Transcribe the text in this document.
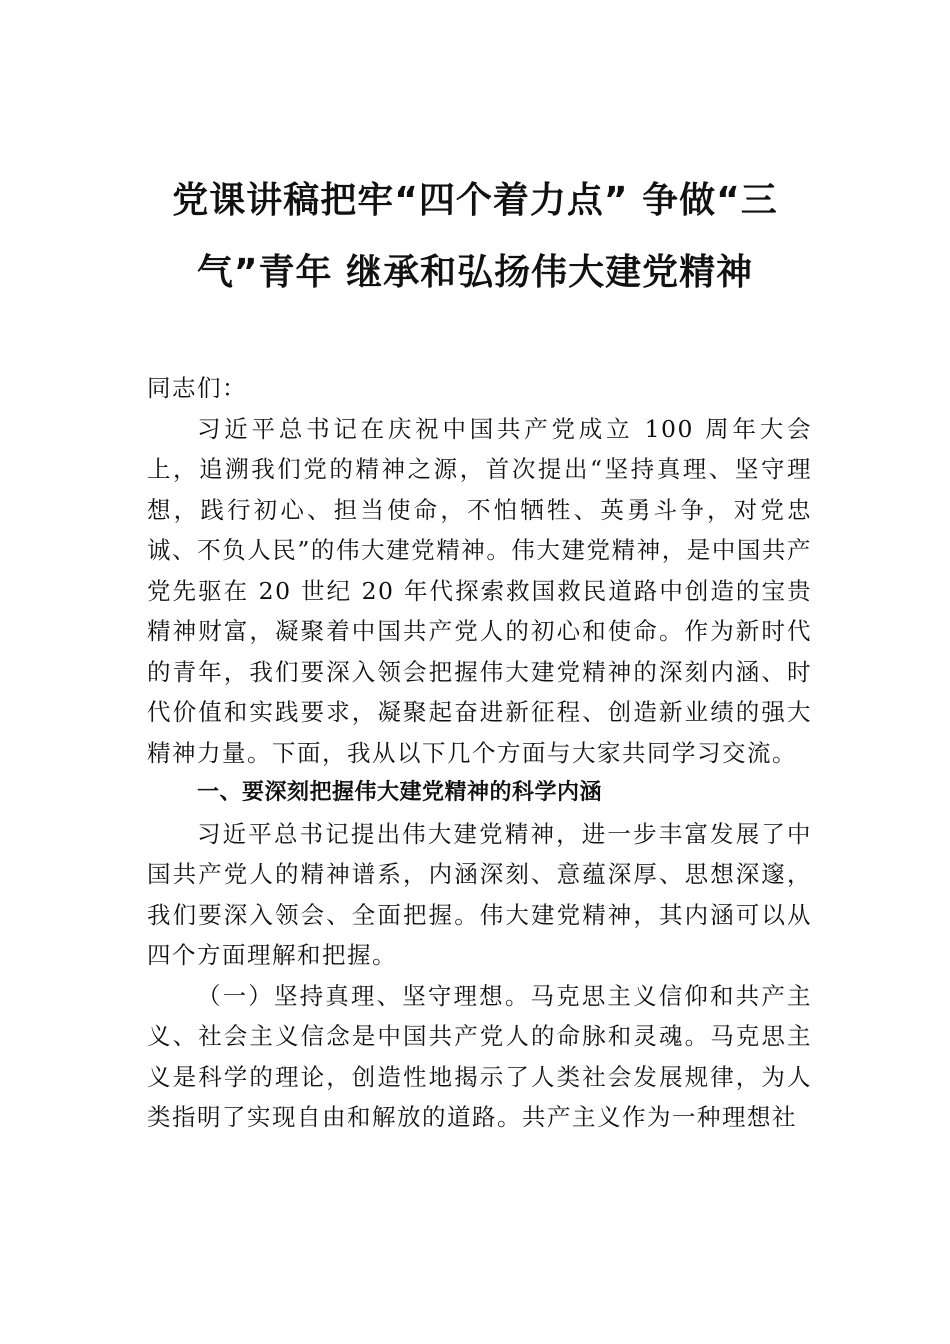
党课讲稿把牢“四个着力点” 争做“三
气”青年 继承和弘扬伟大建党精神

同志们：

习近平总书记在庆祝中国共产党成立 100 周年大会上，追溯我们党的精神之源，首次提出“坚持真理、坚守理想，践行初心、担当使命，不怕牺牲、英勇斗争，对党忠诚、不负人民”的伟大建党精神。伟大建党精神，是中国共产党先驱在 20 世纪 20 年代探索救国救民道路中创造的宝贵精神财富，凝聚着中国共产党人的初心和使命。作为新时代的青年，我们要深入领会把握伟大建党精神的深刻内涵、时代价值和实践要求，凝聚起奋进新征程、创造新业绩的强大精神力量。下面，我从以下几个方面与大家共同学习交流。

一、要深刻把握伟大建党精神的科学内涵

习近平总书记提出伟大建党精神，进一步丰富发展了中国共产党人的精神谱系，内涵深刻、意蕴深厚、思想深邃，我们要深入领会、全面把握。伟大建党精神，其内涵可以从四个方面理解和把握。

（一）坚持真理、坚守理想。马克思主义信仰和共产主义、社会主义信念是中国共产党人的命脉和灵魂。马克思主义是科学的理论，创造性地揭示了人类社会发展规律，为人类指明了实现自由和解放的道路。共产主义作为一种理想社
